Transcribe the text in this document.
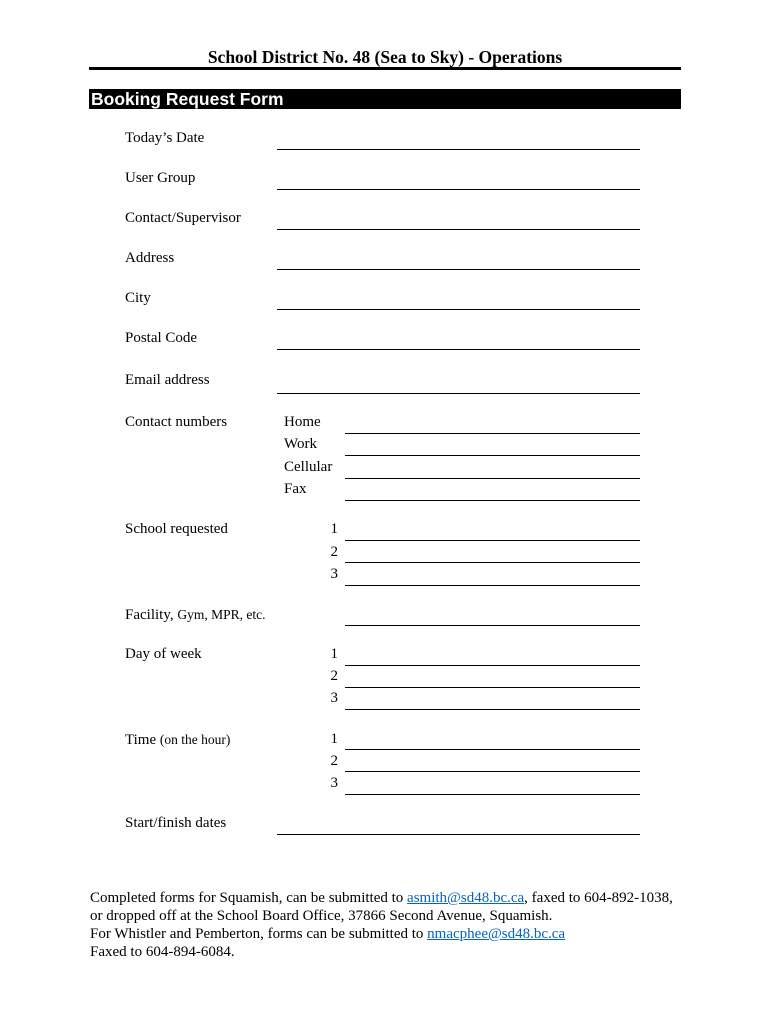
School District No. 48 (Sea to Sky) - Operations
Booking Request Form
Today’s Date
User Group
Contact/Supervisor
Address
City
Postal Code
Email address
Contact numbers	Home
Work
Cellular
Fax
School requested	1
2
3
Facility, Gym, MPR, etc.
Day of week	1
2
3
Time (on the hour)	1
2
3
Start/finish dates
Completed forms for Squamish, can be submitted to asmith@sd48.bc.ca, faxed to 604-892-1038,
or dropped off at the School Board Office, 37866 Second Avenue, Squamish.
For Whistler and Pemberton, forms can be submitted to nmacphee@sd48.bc.ca
Faxed to 604-894-6084.
